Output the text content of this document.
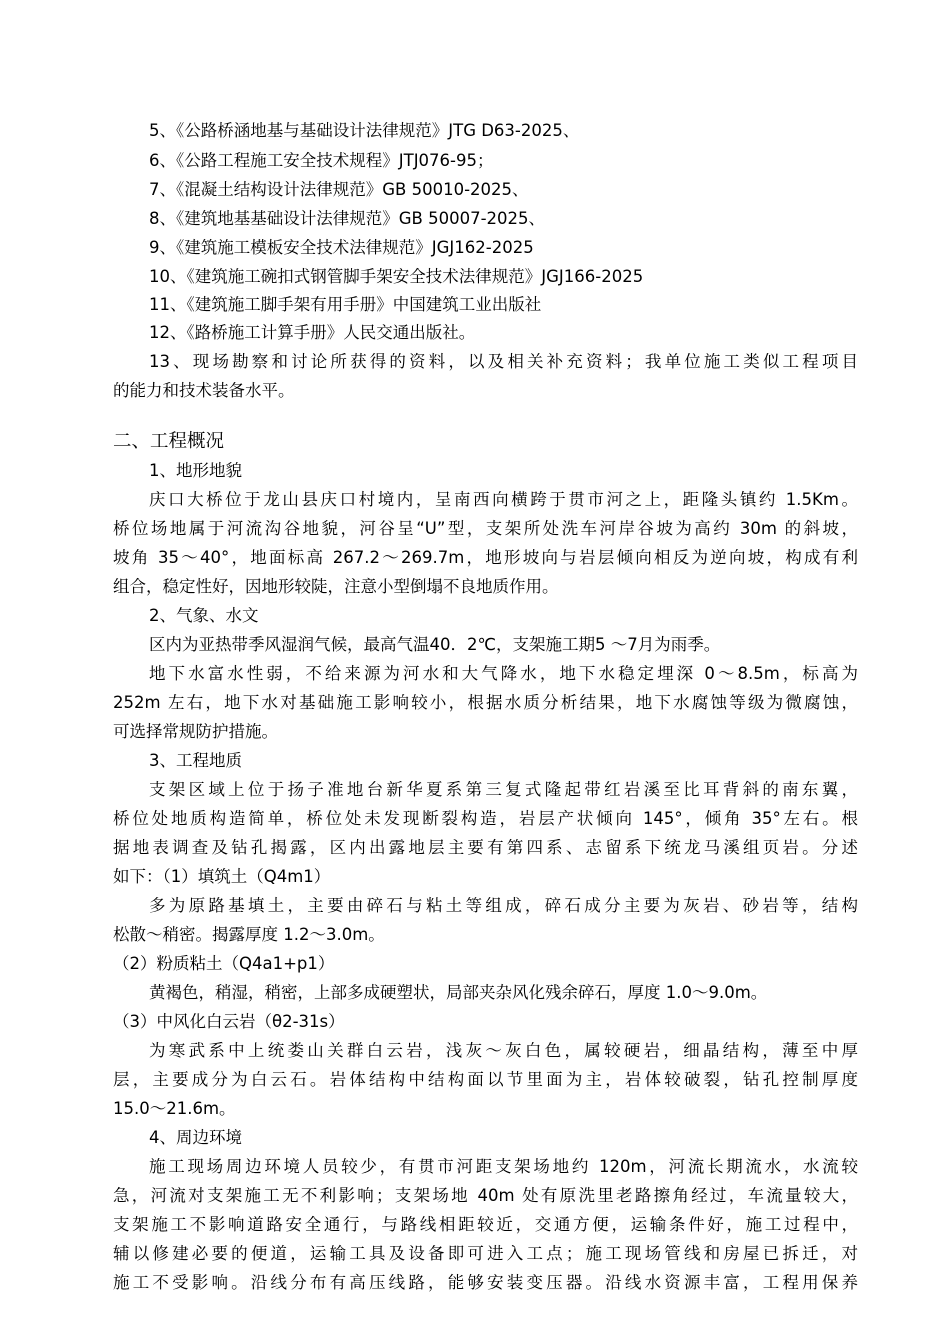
5、《公路桥涵地基与基础设计法律规范》JTG D63-2025、
6、《公路工程施工安全技术规程》JTJ076-95；
7、《混凝土结构设计法律规范》GB 50010-2025、
8、《建筑地基基础设计法律规范》GB 50007-2025、
9、《建筑施工模板安全技术法律规范》JGJ162-2025
10、《建筑施工碗扣式钢管脚手架安全技术法律规范》JGJ166-2025
11、《建筑施工脚手架有用手册》中国建筑工业出版社
12、《路桥施工计算手册》人民交通出版社。
13、现场勘察和讨论所获得的资料，以及相关补充资料；我单位施工类似工程项目
的能力和技术装备水平。
二、工程概况
1、地形地貌
庆口大桥位于龙山县庆口村境内，呈南西向横跨于贯市河之上，距隆头镇约 1.5Km。
桥位场地属于河流沟谷地貌，河谷呈“U”型，支架所处洗车河岸谷坡为高约 30m 的斜坡，
坡角 35～40°，地面标高 267.2～269.7m，地形坡向与岩层倾向相反为逆向坡，构成有利
组合，稳定性好，因地形较陡，注意小型倒塌不良地质作用。
2、气象、水文
区内为亚热带季风湿润气候，最高气温40．2℃，支架施工期5 ～7月为雨季。
地下水富水性弱，不给来源为河水和大气降水，地下水稳定埋深 0～8.5m，标高为
252m 左右，地下水对基础施工影响较小，根据水质分析结果，地下水腐蚀等级为微腐蚀，
可选择常规防护措施。
3、工程地质
支架区域上位于扬子准地台新华夏系第三复式隆起带红岩溪至比耳背斜的南东翼，
桥位处地质构造简单，桥位处未发现断裂构造，岩层产状倾向 145°，倾角 35°左右。根
据地表调查及钻孔揭露，区内出露地层主要有第四系、志留系下统龙马溪组页岩。分述
如下：（1）填筑土（Q4m1）
多为原路基填土，主要由碎石与粘土等组成，碎石成分主要为灰岩、砂岩等，结构
松散～稍密。揭露厚度 1.2～3.0m。
（2）粉质粘土（Q4a1+p1）
黄褐色，稍湿，稍密，上部多成硬塑状，局部夹杂风化残余碎石，厚度 1.0～9.0m。
（3）中风化白云岩（θ2-31s）
为寒武系中上统娄山关群白云岩，浅灰～灰白色，属较硬岩，细晶结构，薄至中厚
层，主要成分为白云石。岩体结构中结构面以节里面为主，岩体较破裂，钻孔控制厚度
15.0～21.6m。
4、周边环境
施工现场周边环境人员较少，有贯市河距支架场地约 120m，河流长期流水，水流较
急，河流对支架施工无不利影响；支架场地 40m 处有原洗里老路擦角经过，车流量较大，
支架施工不影响道路安全通行，与路线相距较近，交通方便，运输条件好，施工过程中，
辅以修建必要的便道，运输工具及设备即可进入工点；施工现场管线和房屋已拆迁，对
施工不受影响。沿线分布有高压线路，能够安装变压器。沿线水资源丰富，工程用保养
